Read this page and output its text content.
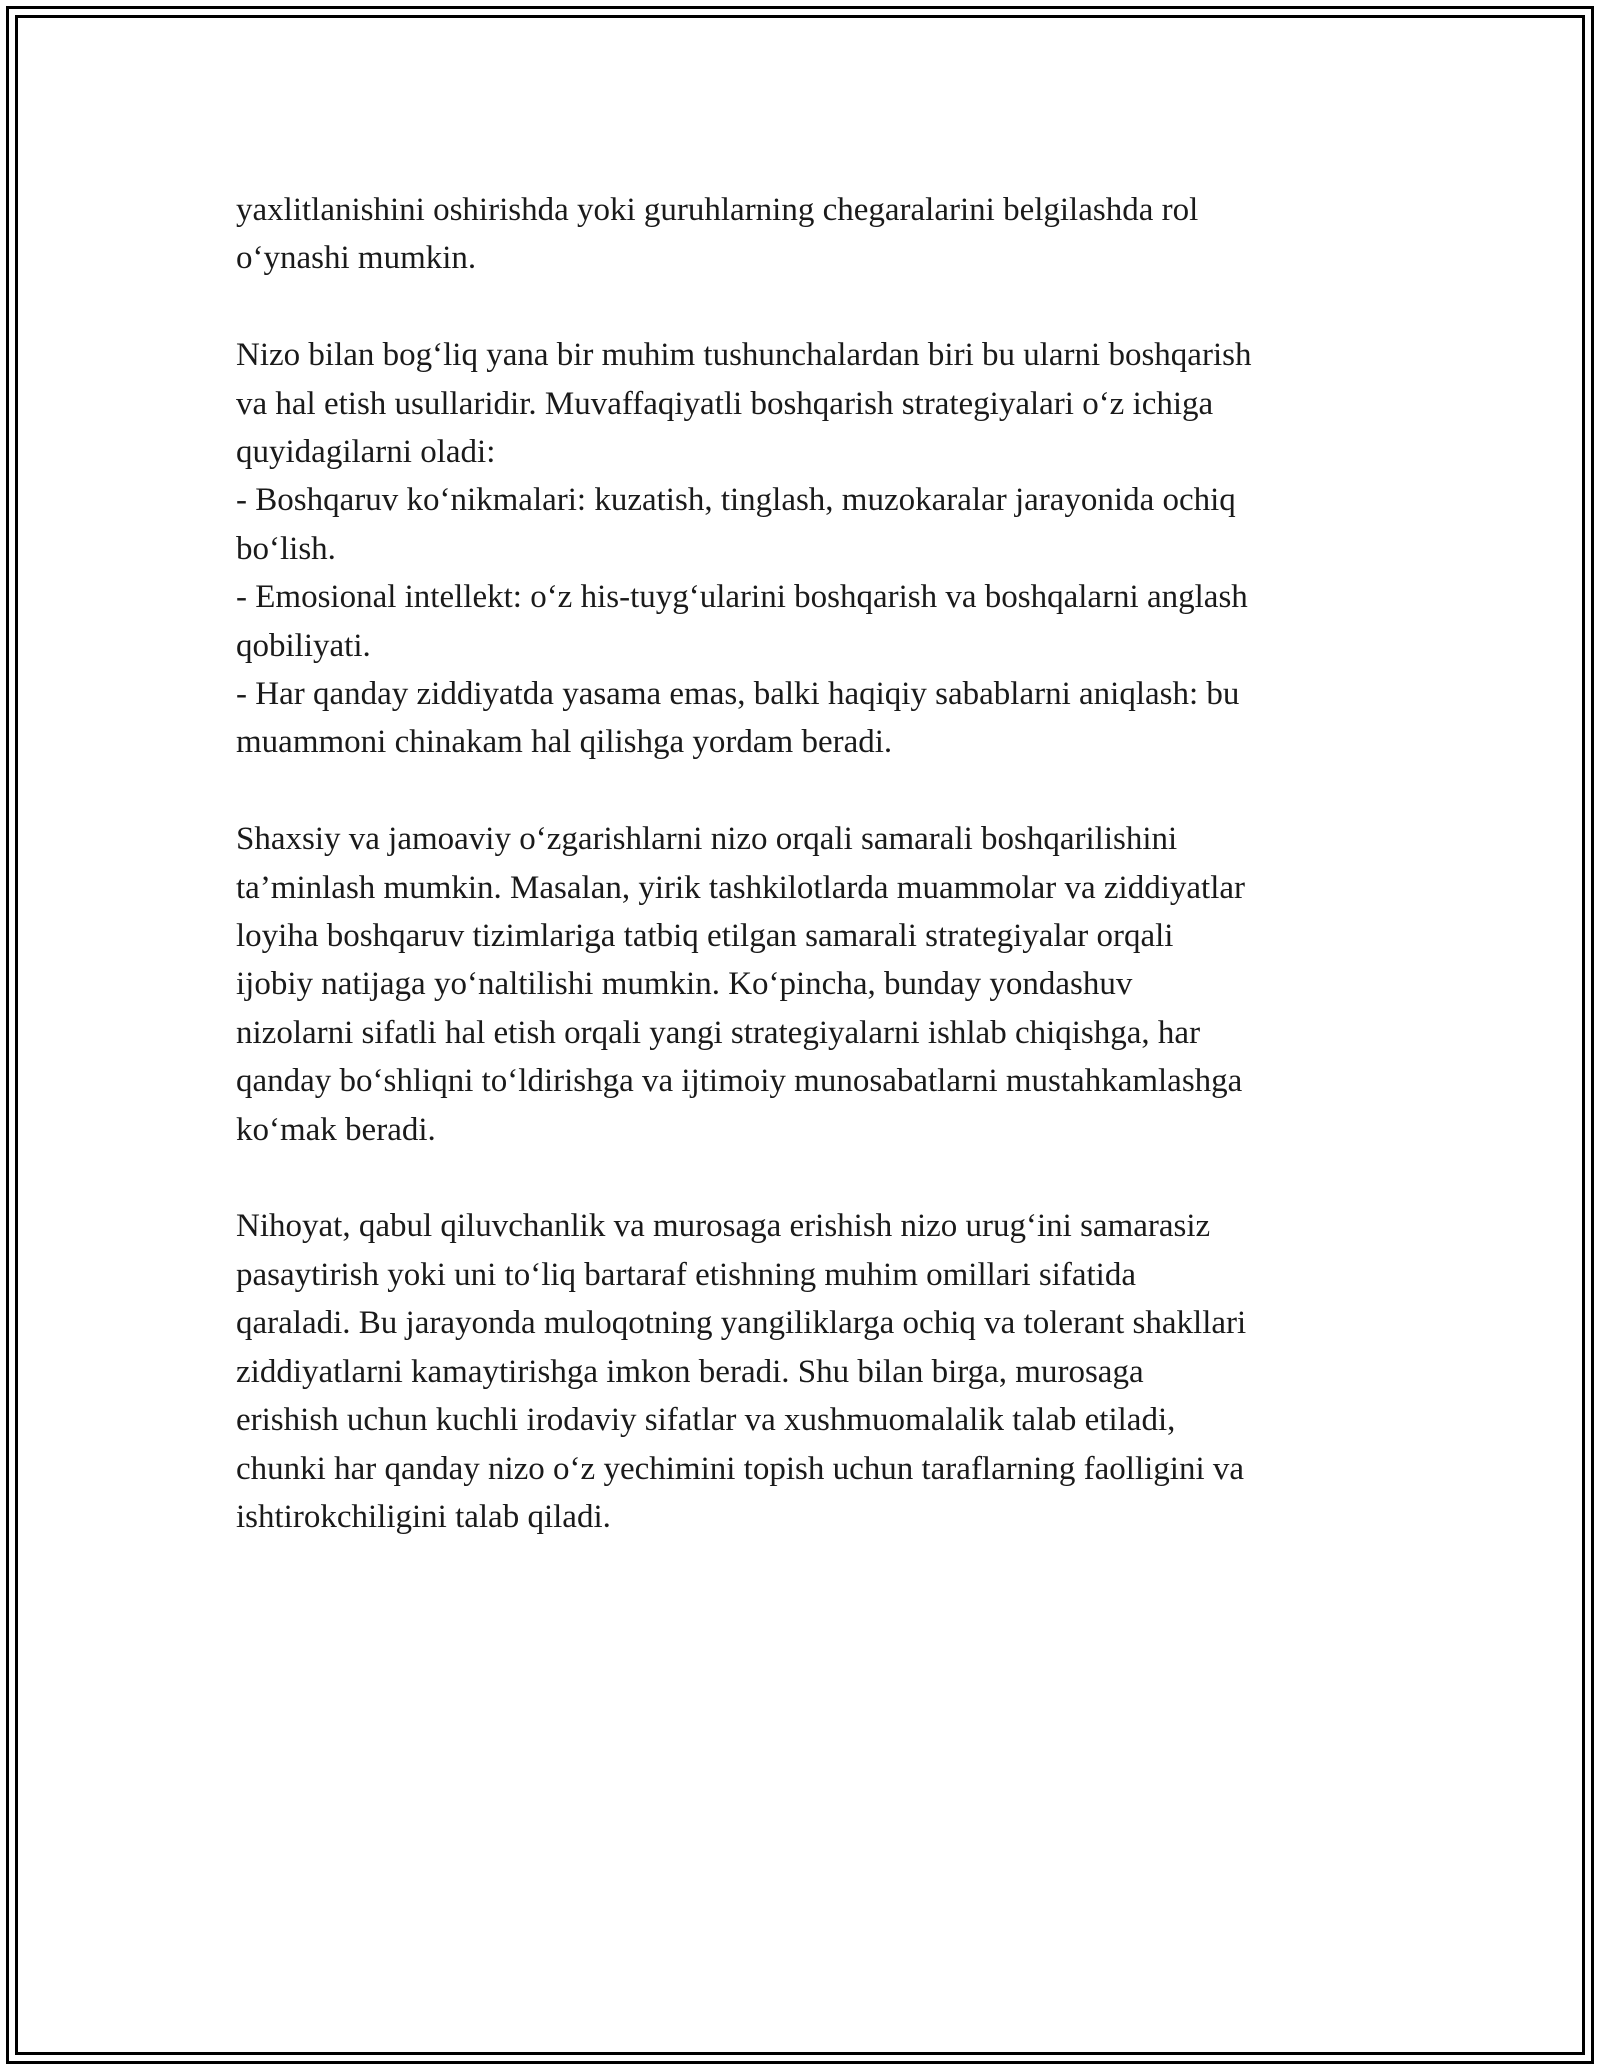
yaxlitlanishini oshirishda yoki guruhlarning chegaralarini belgilashda rol
o‘ynashi mumkin.
Nizo bilan bog‘liq yana bir muhim tushunchalardan biri bu ularni boshqarish
va hal etish usullaridir. Muvaffaqiyatli boshqarish strategiyalari o‘z ichiga
quyidagilarni oladi:
- Boshqaruv ko‘nikmalari: kuzatish, tinglash, muzokaralar jarayonida ochiq
bo‘lish.
- Emosional intellekt: o‘z his-tuyg‘ularini boshqarish va boshqalarni anglash
qobiliyati.
- Har qanday ziddiyatda yasama emas, balki haqiqiy sabablarni aniqlash: bu
muammoni chinakam hal qilishga yordam beradi.
Shaxsiy va jamoaviy o‘zgarishlarni nizo orqali samarali boshqarilishini
ta’minlash mumkin. Masalan, yirik tashkilotlarda muammolar va ziddiyatlar
loyiha boshqaruv tizimlariga tatbiq etilgan samarali strategiyalar orqali
ijobiy natijaga yo‘naltilishi mumkin. Ko‘pincha, bunday yondashuv
nizolarni sifatli hal etish orqali yangi strategiyalarni ishlab chiqishga, har
qanday bo‘shliqni to‘ldirishga va ijtimoiy munosabatlarni mustahkamlashga
ko‘mak beradi.
Nihoyat, qabul qiluvchanlik va murosaga erishish nizo urug‘ini samarasiz
pasaytirish yoki uni to‘liq bartaraf etishning muhim omillari sifatida
qaraladi. Bu jarayonda muloqotning yangiliklarga ochiq va tolerant shakllari
ziddiyatlarni kamaytirishga imkon beradi. Shu bilan birga, murosaga
erishish uchun kuchli irodaviy sifatlar va xushmuomalalik talab etiladi,
chunki har qanday nizo o‘z yechimini topish uchun taraflarning faolligini va
ishtirokchiligini talab qiladi.
